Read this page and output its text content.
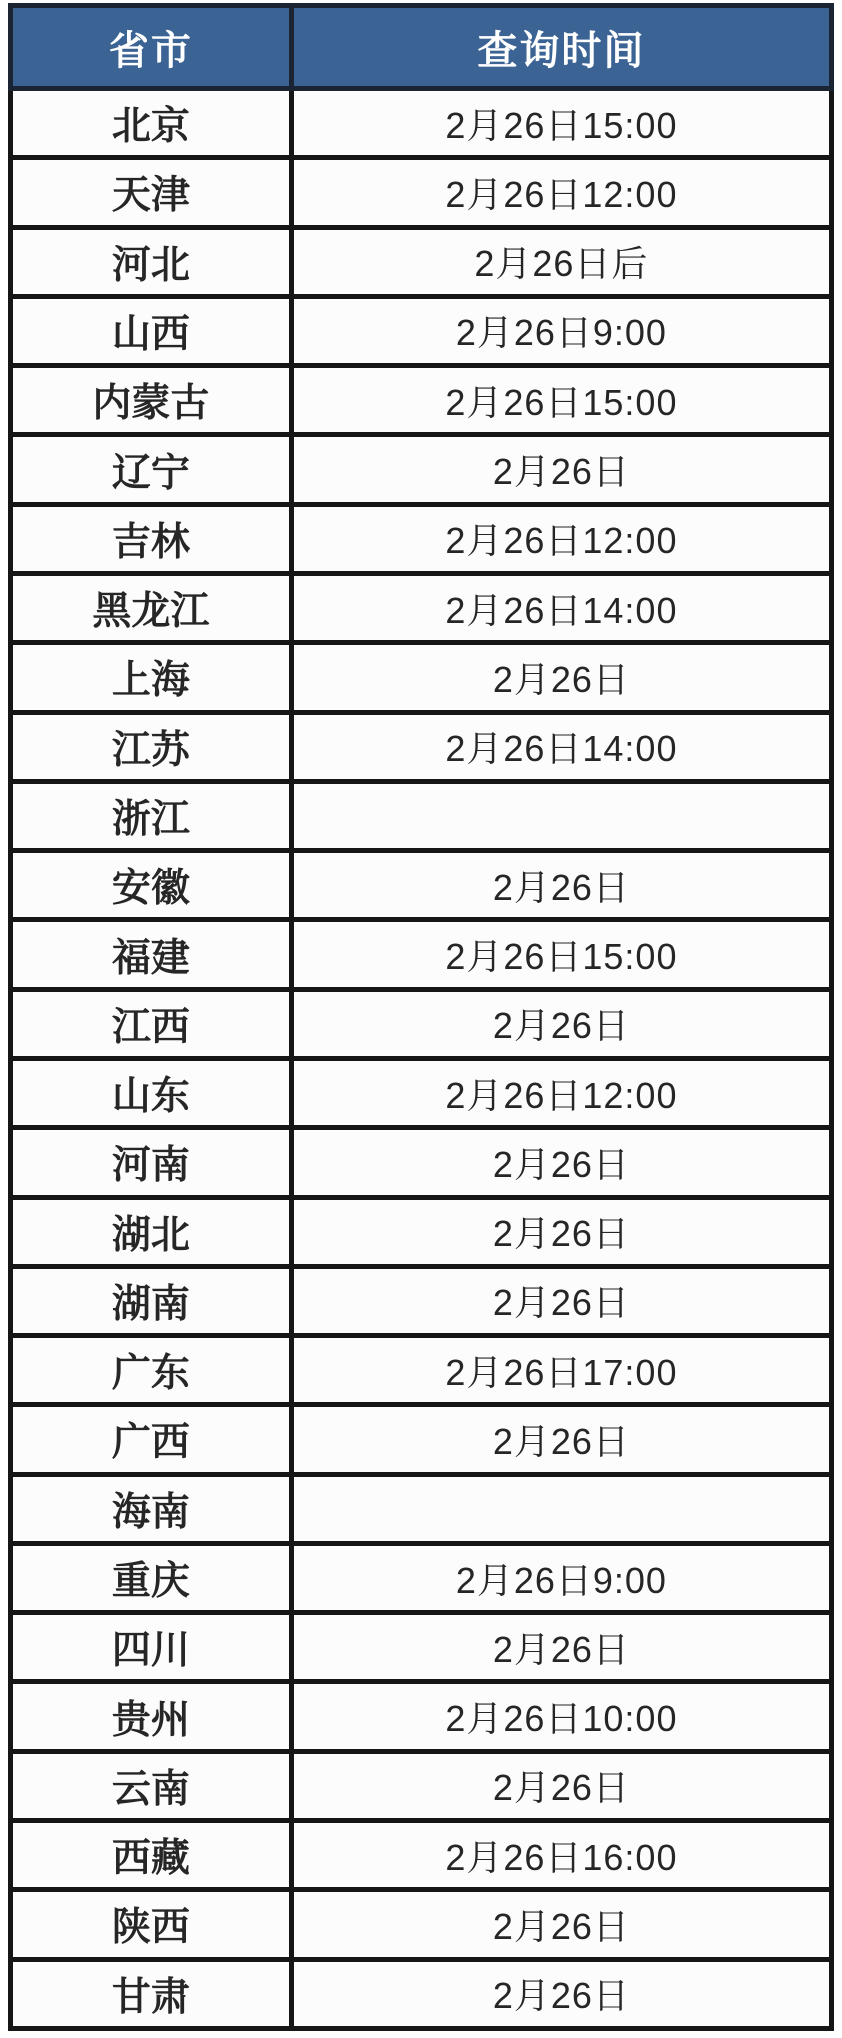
省市	查询时间
北京	2月26日15:00
天津	2月26日12:00
河北	2月26日后
山西	2月26日9:00
内蒙古	2月26日15:00
辽宁	2月26日
吉林	2月26日12:00
黑龙江	2月26日14:00
上海	2月26日
江苏	2月26日14:00
浙江	
安徽	2月26日
福建	2月26日15:00
江西	2月26日
山东	2月26日12:00
河南	2月26日
湖北	2月26日
湖南	2月26日
广东	2月26日17:00
广西	2月26日
海南	
重庆	2月26日9:00
四川	2月26日
贵州	2月26日10:00
云南	2月26日
西藏	2月26日16:00
陕西	2月26日
甘肃	2月26日
